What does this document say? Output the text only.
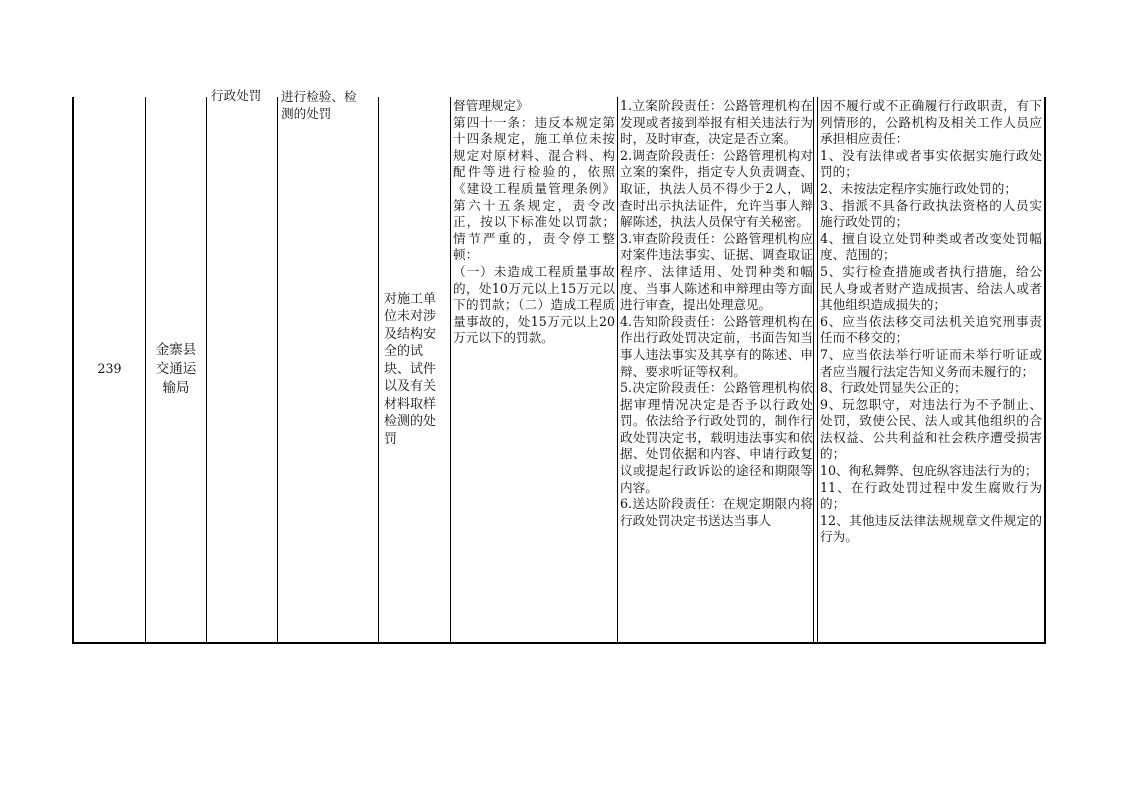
239
金寨县交通运输局
行政处罚	进行检验、检
测的处罚
对施工单位未对涉及结构安全的试块、试件以及有关材料取样检测的处罚
督管理规定》
第四十一条：违反本规定第十四条规定，施工单位未按规定对原材料、混合料、构配件等进行检验的，依照《建设工程质量管理条例》第六十五条规定，责令改正，按以下标准处以罚款；情节严重的，责令停工整顿：
（一）未造成工程质量事故的，处10万元以上15万元以下的罚款；（二）造成工程质量事故的，处15万元以上20万元以下的罚款。
1.立案阶段责任：公路管理机构在发现或者接到举报有相关违法行为时，及时审查，决定是否立案。
2.调查阶段责任：公路管理机构对立案的案件，指定专人负责调查、取证，执法人员不得少于2人，调查时出示执法证件，允许当事人辩解陈述，执法人员保守有关秘密。
3.审查阶段责任：公路管理机构应对案件违法事实、证据、调查取证程序、法律适用、处罚种类和幅度、当事人陈述和申辩理由等方面进行审查，提出处理意见。
4.告知阶段责任：公路管理机构在作出行政处罚决定前，书面告知当事人违法事实及其享有的陈述、申辩、要求听证等权利。
5.决定阶段责任：公路管理机构依据审理情况决定是否予以行政处罚。依法给予行政处罚的，制作行政处罚决定书，载明违法事实和依据、处罚依据和内容、申请行政复议或提起行政诉讼的途径和期限等内容。
6.送达阶段责任：在规定期限内将行政处罚决定书送达当事人
因不履行或不正确履行行政职责，有下列情形的，公路机构及相关工作人员应承担相应责任：
1、没有法律或者事实依据实施行政处罚的；
2、未按法定程序实施行政处罚的；
3、指派不具备行政执法资格的人员实施行政处罚的；
4、擅自设立处罚种类或者改变处罚幅度、范围的；
5、实行检查措施或者执行措施，给公民人身或者财产造成损害、给法人或者其他组织造成损失的；
6、应当依法移交司法机关追究刑事责任而不移交的；
7、应当依法举行听证而未举行听证或者应当履行法定告知义务而未履行的；
8、行政处罚显失公正的；
9、玩忽职守，对违法行为不予制止、处罚，致使公民、法人或其他组织的合法权益、公共利益和社会秩序遭受损害的；
10、徇私舞弊、包庇纵容违法行为的；
11、在行政处罚过程中发生腐败行为的；
12、其他违反法律法规规章文件规定的行为。
